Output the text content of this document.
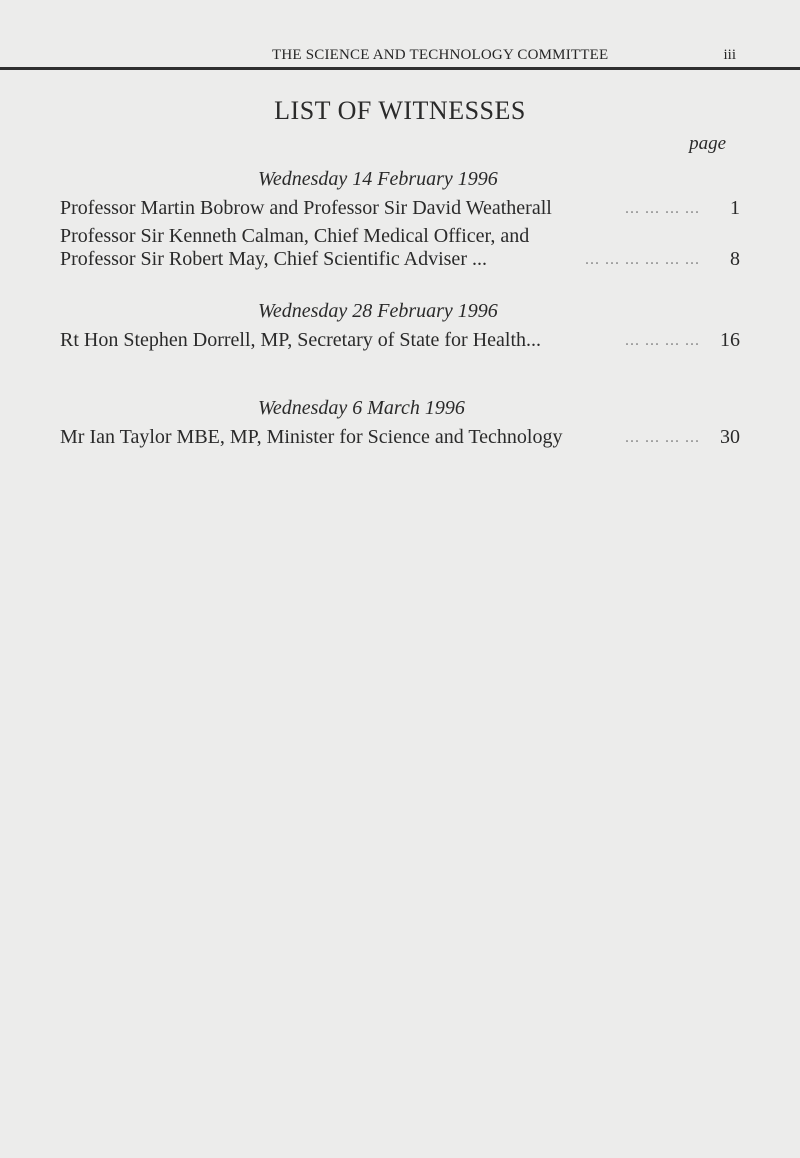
THE SCIENCE AND TECHNOLOGY COMMITTEE	iii
LIST OF WITNESSES
page
Wednesday 14 February 1996
... ... ... ...
Professor Martin Bobrow and Professor Sir David Weatherall	1
Professor Sir Kenneth Calman, Chief Medical Officer, and
... ... ... ... ... ...
Professor Sir Robert May, Chief Scientific Adviser ...	8
Wednesday 28 February 1996
... ... ... ...
Rt Hon Stephen Dorrell, MP, Secretary of State for Health...	16
Wednesday 6 March 1996
... ... ... ...
Mr Ian Taylor MBE, MP, Minister for Science and Technology	30
